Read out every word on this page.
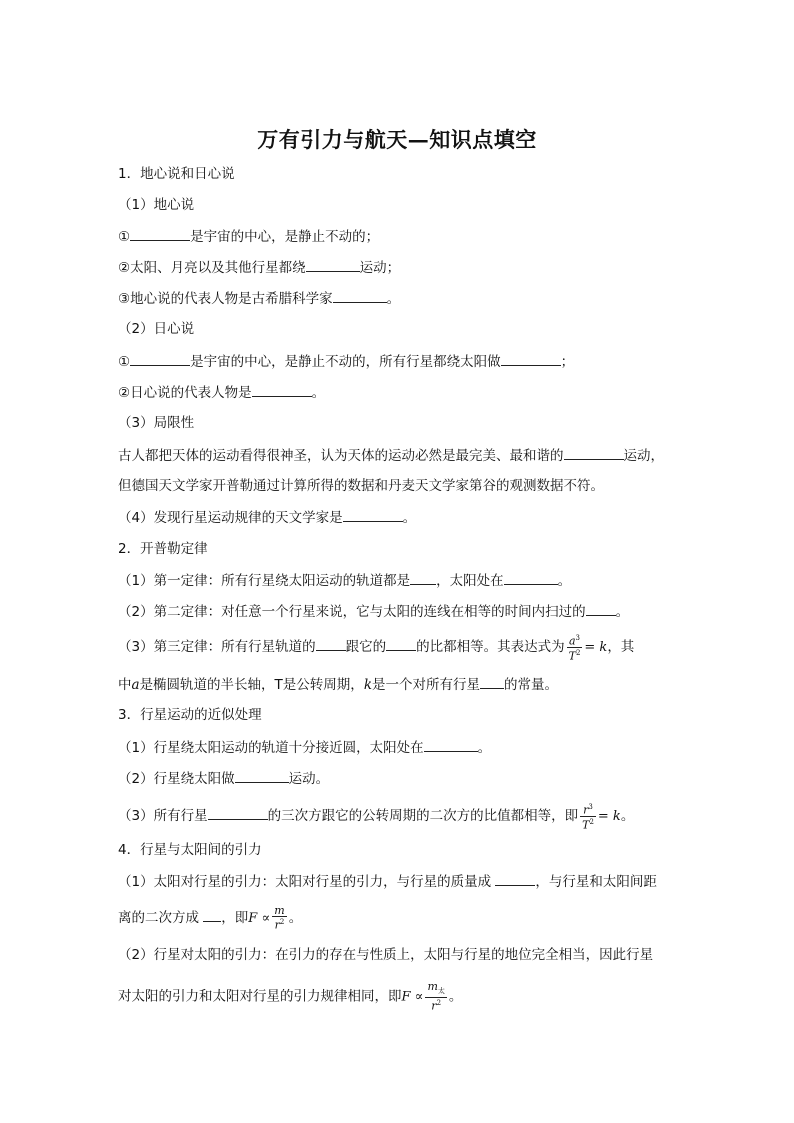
万有引力与航天—知识点填空
1．地心说和日心说
（1）地心说
①	是宇宙的中心，是静止不动的；
②太阳、月亮以及其他行星都绕	运动；
③地心说的代表人物是古希腊科学家	。
（2）日心说
①	是宇宙的中心，是静止不动的，所有行星都绕太阳做	；
②日心说的代表人物是	。
（3）局限性
古人都把天体的运动看得很神圣，认为天体的运动必然是最完美、最和谐的	运动，
但德国天文学家开普勒通过计算所得的数据和丹麦天文学家第谷的观测数据不符。
（4）发现行星运动规律的天文学家是	。
2．开普勒定律
（1）第一定律：所有行星绕太阳运动的轨道都是 ，太阳处在	。
（2）第二定律：对任意一个行星来说，它与太阳的连线在相等的时间内扫过的 。
（3）第三定律：所有行星轨道的 跟它的 的比都相等。其表达式为 $\frac{a^3}{T^2} = k$，其
中a是椭圆轨道的半长轴，T是公转周期，k是一个对所有行星 的常量。
3．行星运动的近似处理
（1）行星绕太阳运动的轨道十分接近圆，太阳处在	。
（2）行星绕太阳做	运动。
（3）所有行星	的三次方跟它的公转周期的二次方的比值都相等，即 $\frac{r^3}{T^2} = k$。
4．行星与太阳间的引力
（1）太阳对行星的引力：太阳对行星的引力，与行星的质量成	，与行星和太阳间距
离的二次方成 ，即$F \propto \frac{m}{r^2}$ 。
（2）行星对太阳的引力：在引力的存在与性质上，太阳与行星的地位完全相当，因此行星
对太阳的引力和太阳对行星的引力规律相同，即$F \propto \frac{m_太}{r^2}$ 。
